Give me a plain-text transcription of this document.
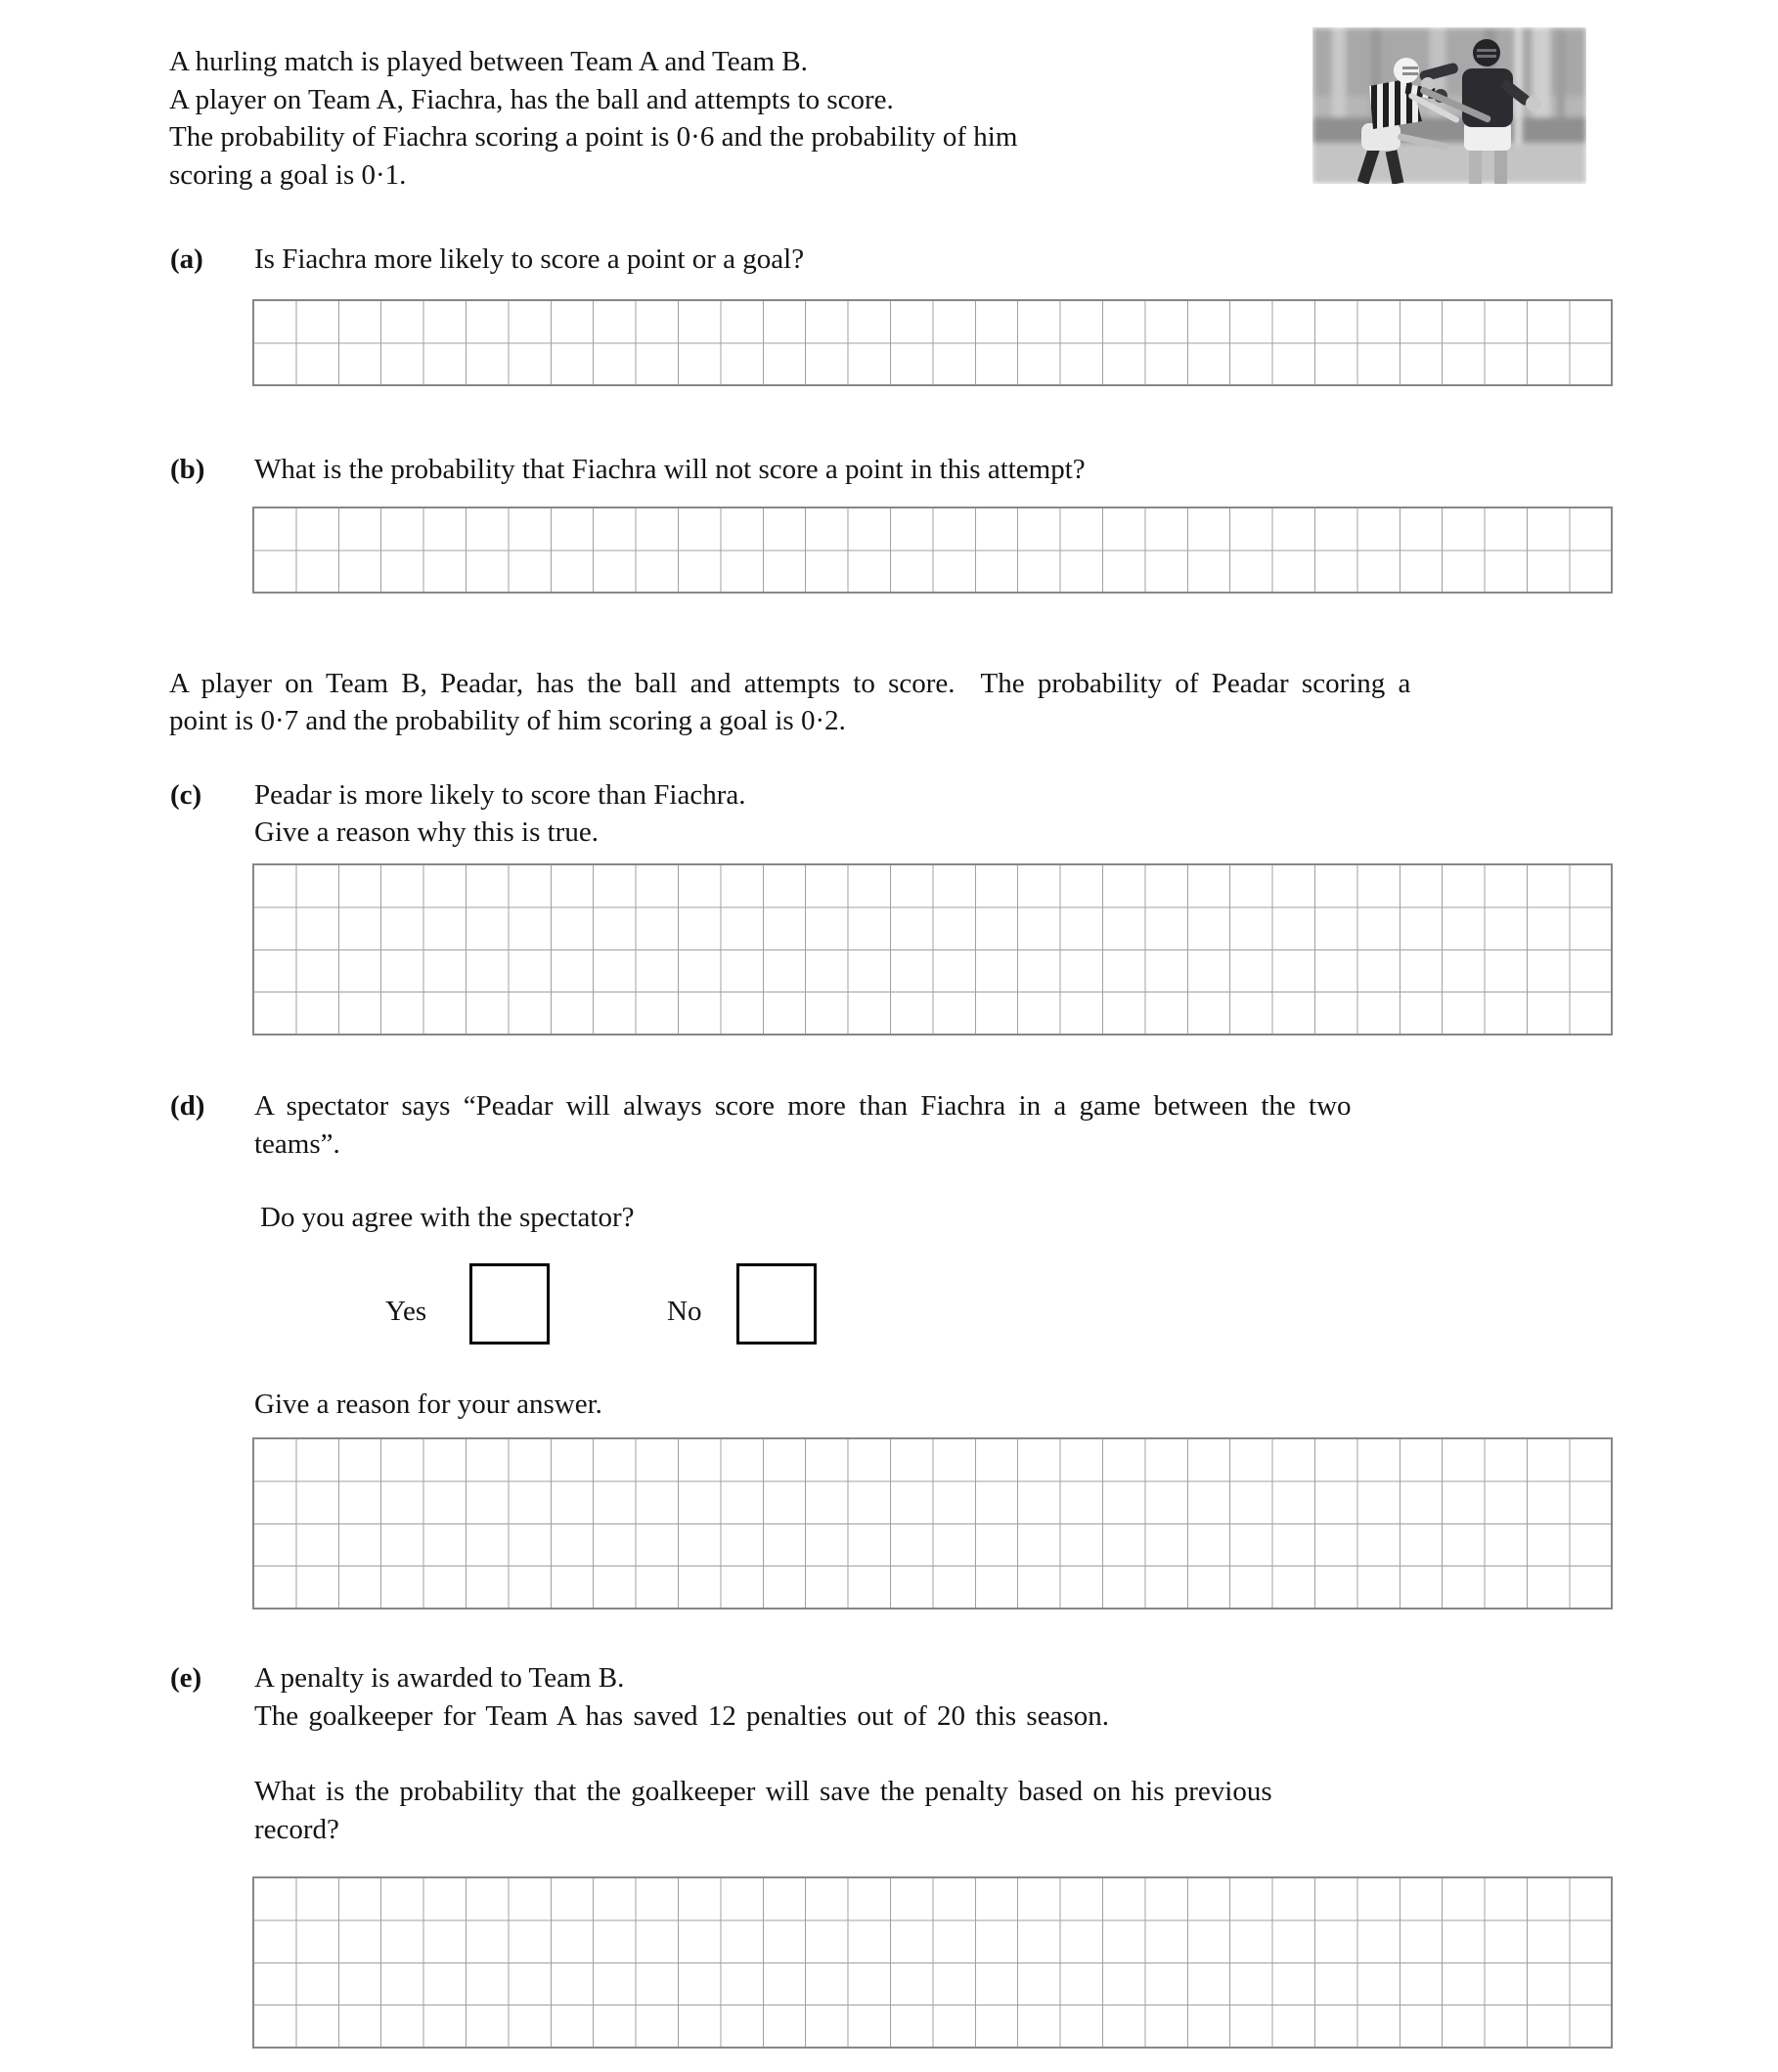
A hurling match is played between Team A and Team B.
A player on Team A, Fiachra, has the ball and attempts to score.
The probability of Fiachra scoring a point is 0·6 and the probability of him
scoring a goal is 0·1.
(a) Is Fiachra more likely to score a point or a goal?
(b) What is the probability that Fiachra will not score a point in this attempt?
A player on Team B, Peadar, has the ball and attempts to score.  The probability of Peadar scoring a
point is 0·7 and the probability of him scoring a goal is 0·2.
(c) Peadar is more likely to score than Fiachra.
Give a reason why this is true.
(d) A spectator says “Peadar will always score more than Fiachra in a game between the two
teams”.
Do you agree with the spectator?
Yes	No
Give a reason for your answer.
(e) A penalty is awarded to Team B.
The goalkeeper for Team A has saved 12 penalties out of 20 this season.
What is the probability that the goalkeeper will save the penalty based on his previous
record?
